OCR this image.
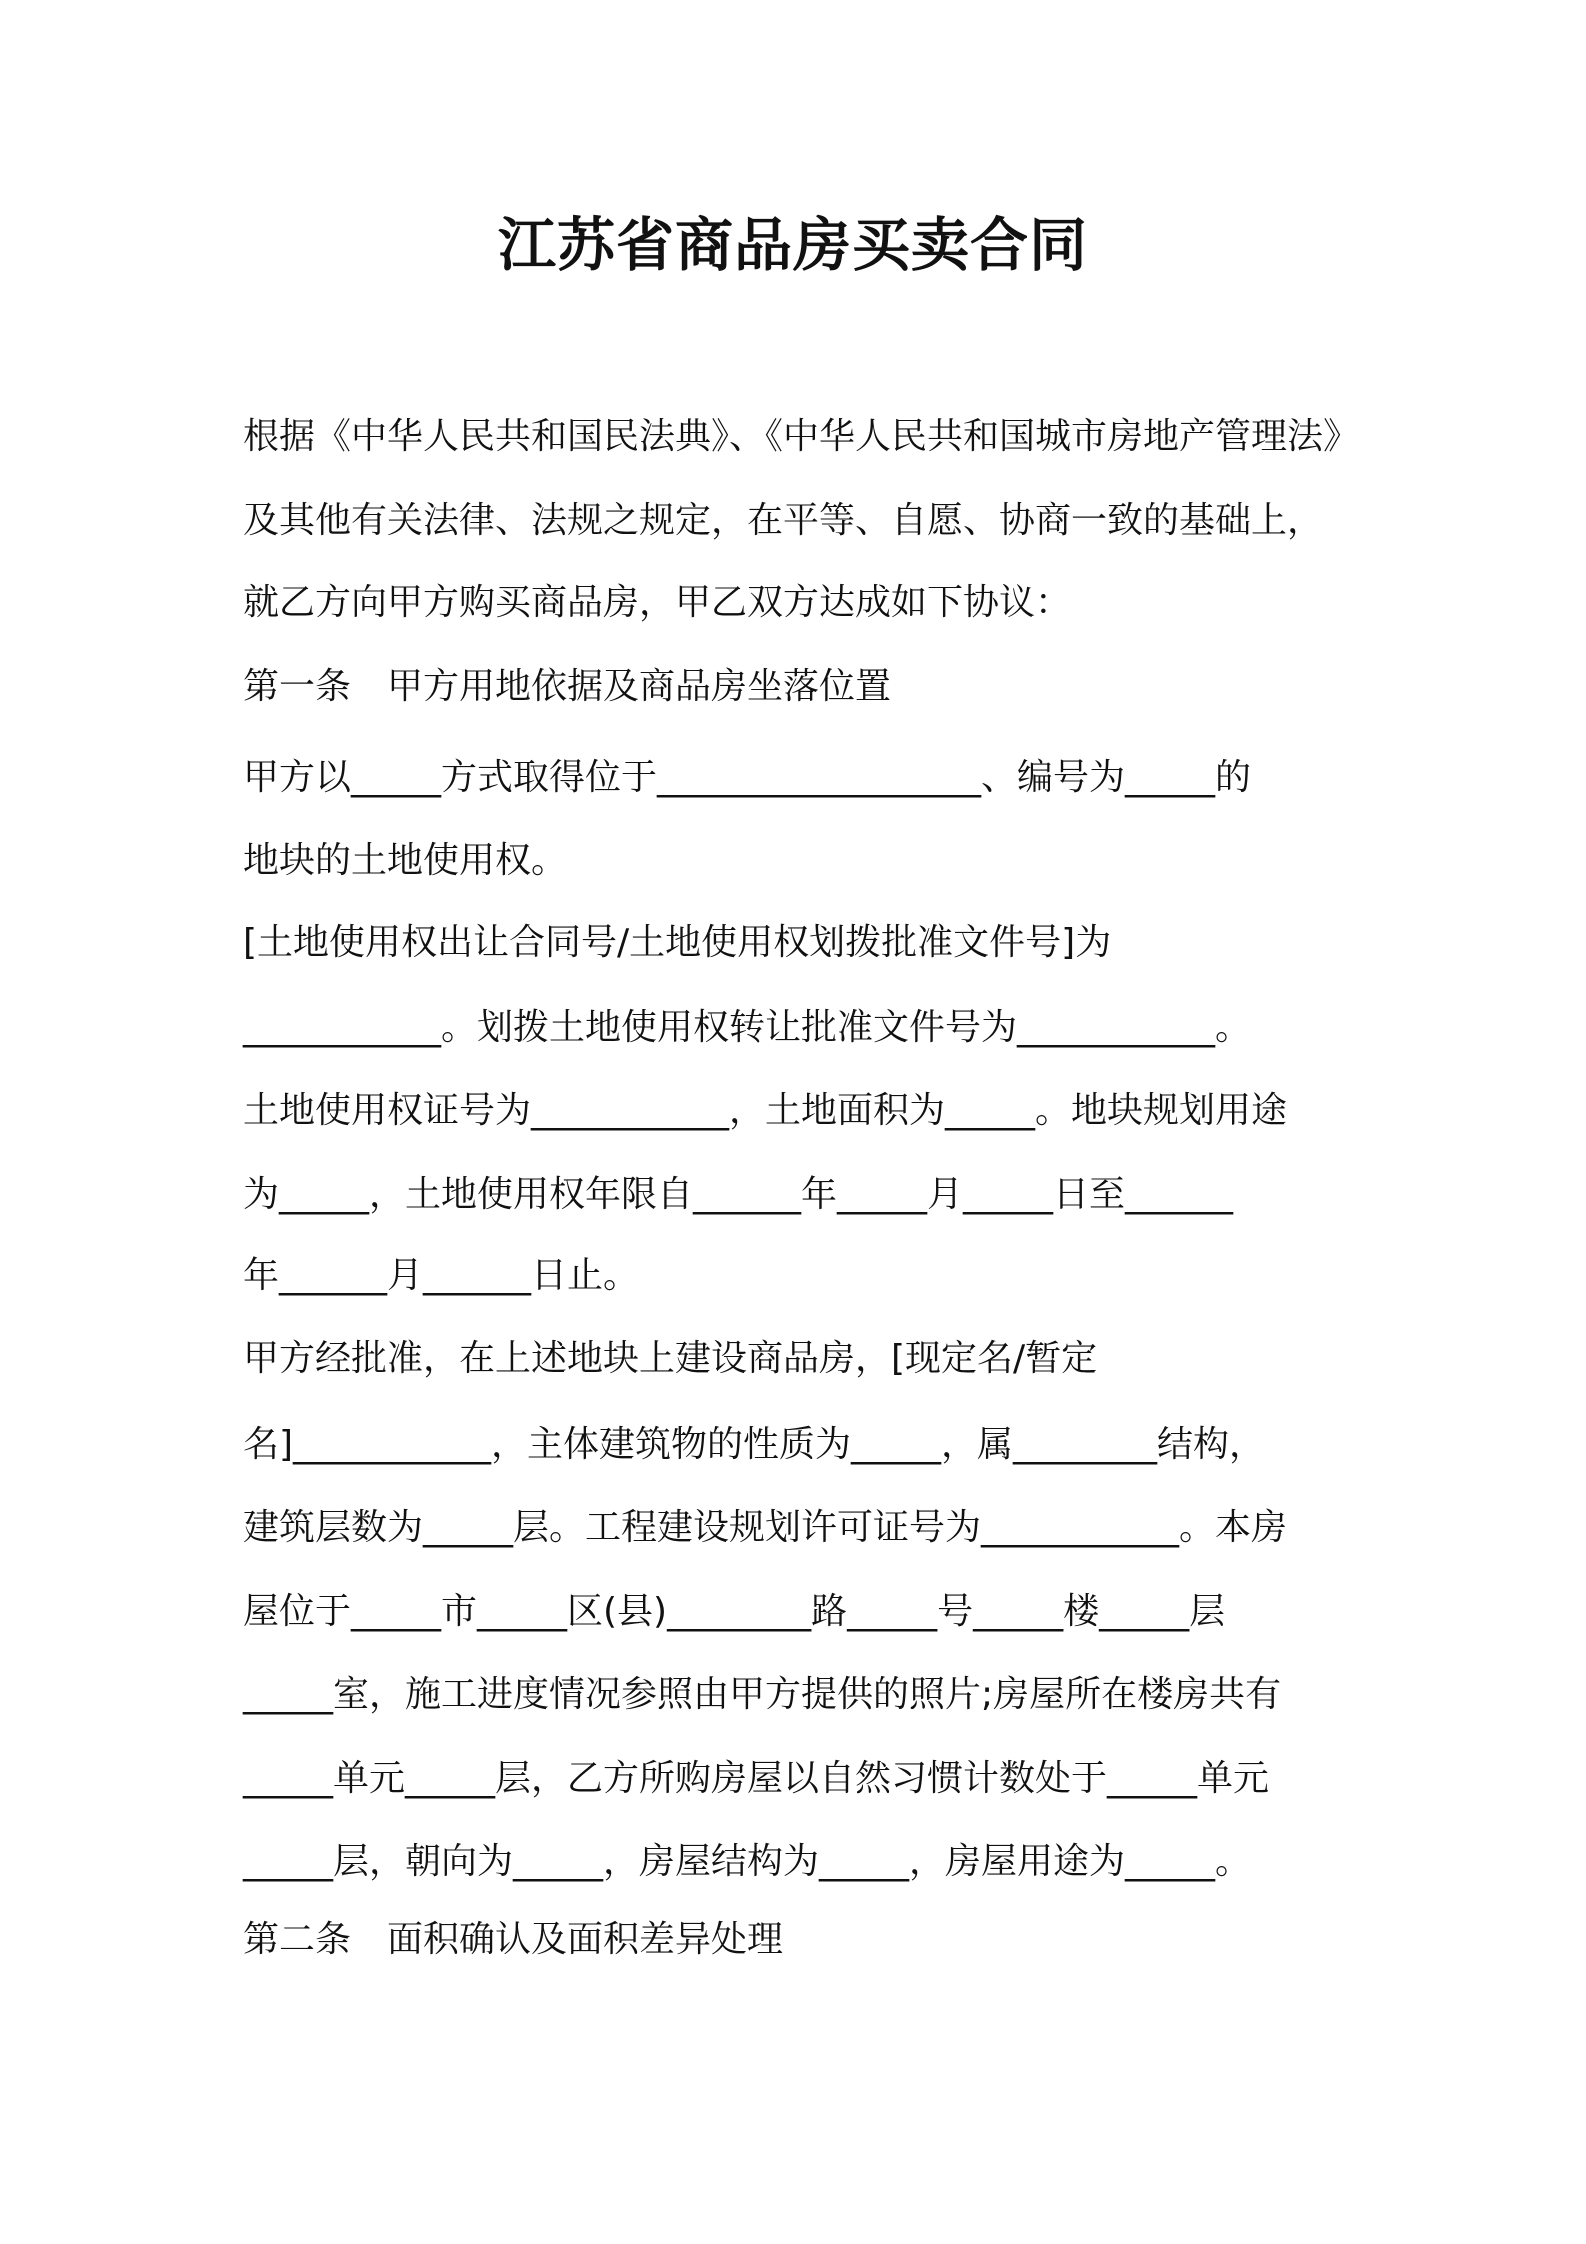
江苏省商品房买卖合同

根据《中华人民共和国民法典》、《中华人民共和国城市房地产管理法》

及其他有关法律、法规之规定，在平等、自愿、协商一致的基础上，

就乙方向甲方购买商品房，甲乙双方达成如下协议：

第一条　甲方用地依据及商品房坐落位置

甲方以_____方式取得位于__________________、编号为_____的

地块的土地使用权。

[土地使用权出让合同号/土地使用权划拨批准文件号]为

___________。划拨土地使用权转让批准文件号为___________。

土地使用权证号为___________，土地面积为_____。地块规划用途

为_____，土地使用权年限自______年_____月_____日至______

年______月______日止。

甲方经批准，在上述地块上建设商品房，[现定名/暂定

名]___________，主体建筑物的性质为_____，属________结构，

建筑层数为_____层。工程建设规划许可证号为___________。本房

屋位于_____市_____区(县)________路_____号_____楼_____层

_____室，施工进度情况参照由甲方提供的照片;房屋所在楼房共有

_____单元_____层，乙方所购房屋以自然习惯计数处于_____单元

_____层，朝向为_____，房屋结构为_____，房屋用途为_____。

第二条　面积确认及面积差异处理
